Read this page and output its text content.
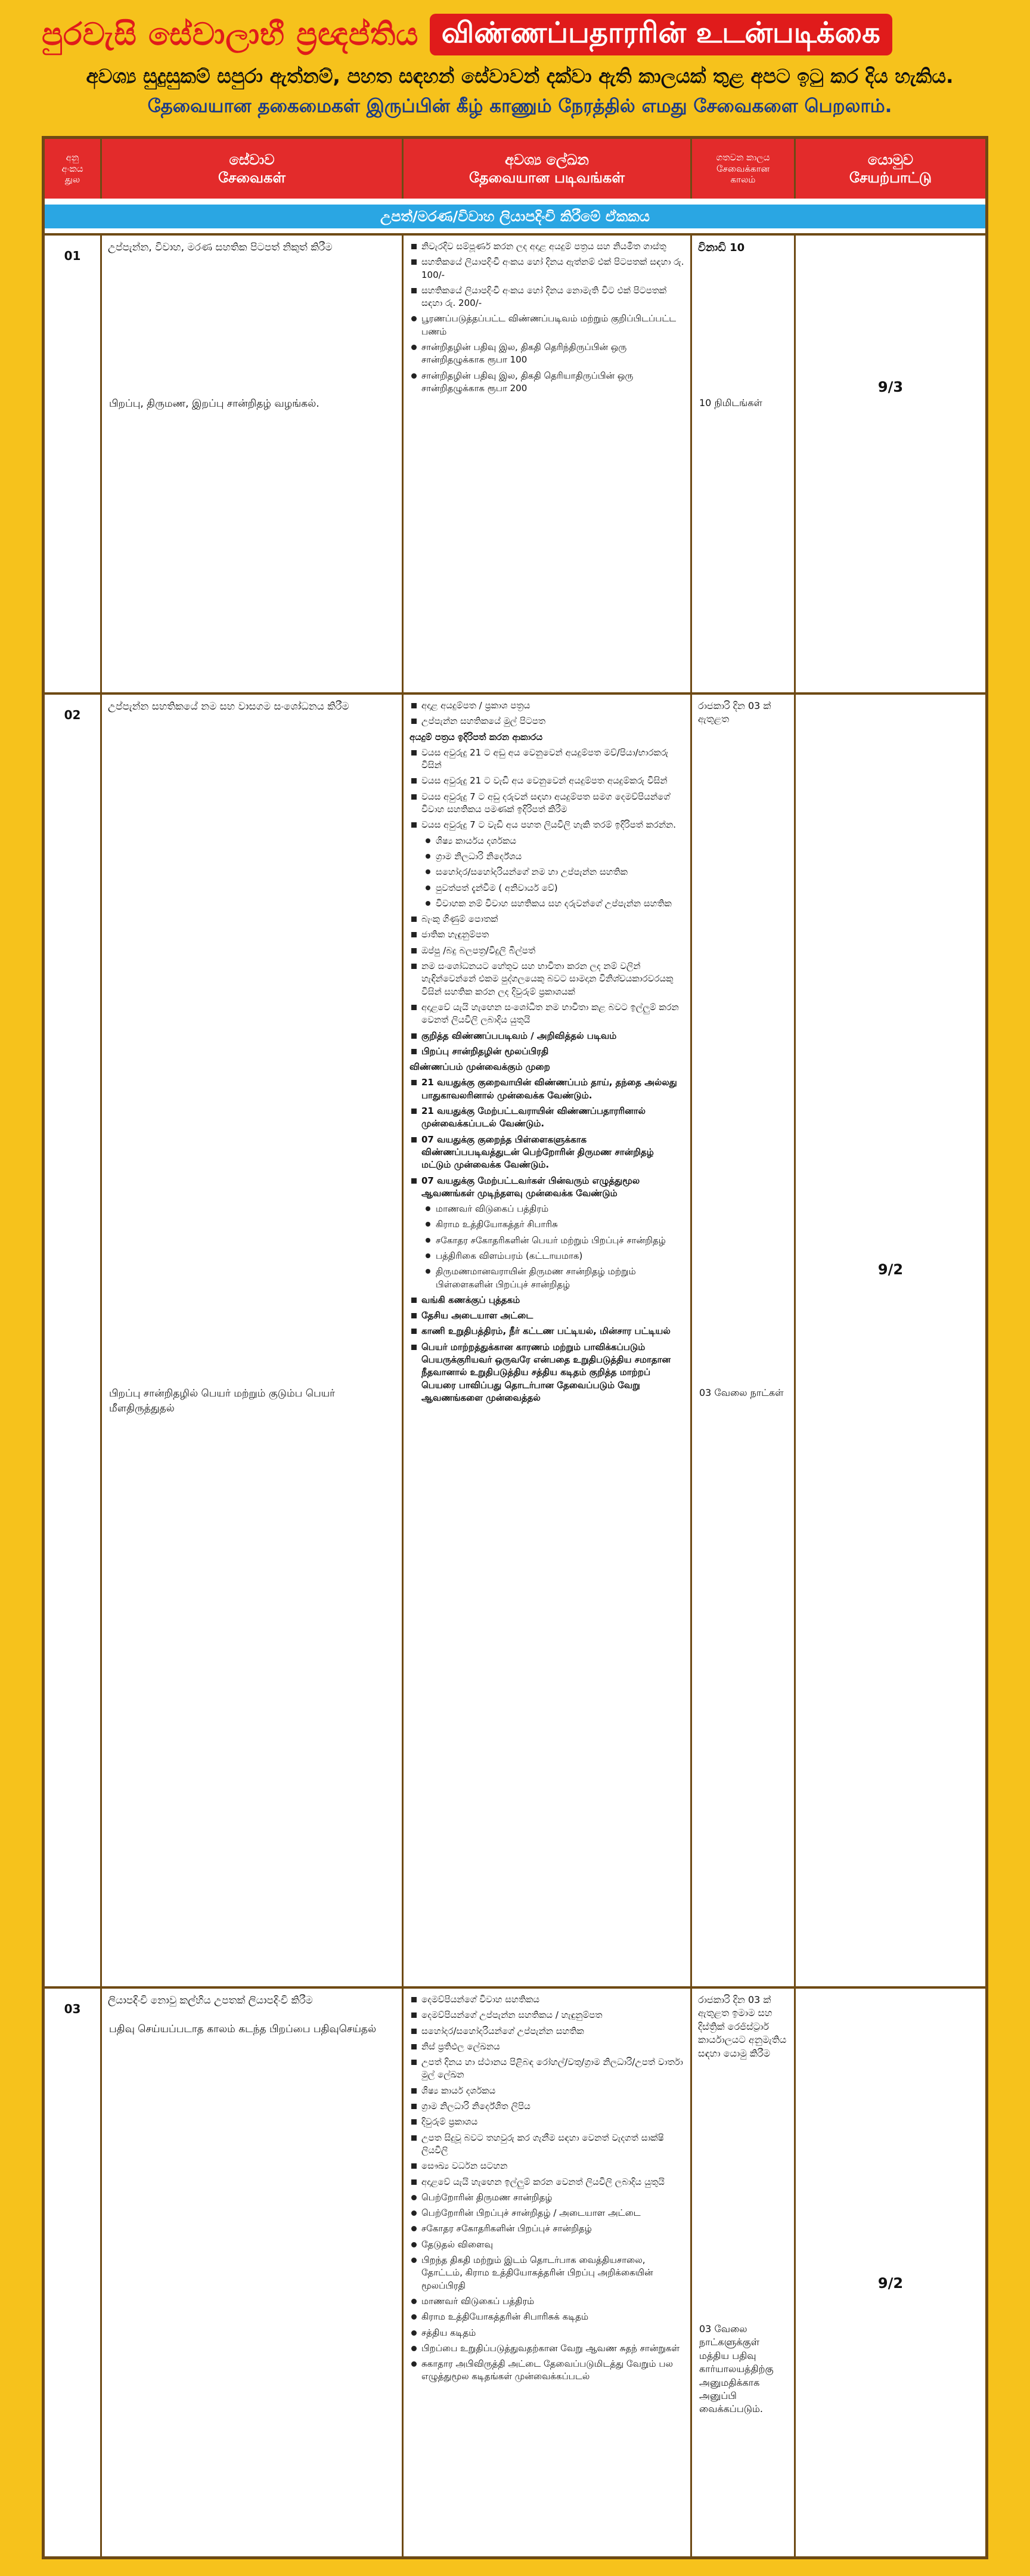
පුරවැසි සේවාලාභී ප්‍රඥප්තිය விண்ணப்பதாரரின் உடன்படிக்கை
අවශ්‍ය සුදුසුකම් සපුරා ඇත්නම්, පහත සඳහන් සේවාවන් දක්වා ඇති කාලයක් තුළ අපට ඉටු කර දිය හැකිය.
தேவையான தகைமைகள் இருப்பின் கீழ் காணும் நேரத்தில் எமது சேவைகளை பெறலாம்.
අනු
අංකය
துல
සේවාව
சேவைகள்
අවශ්‍ය ලේඛන
தேவையான படிவங்கள்
ගතවන කාලය
சேவைக்கான
காலம்
යොමුව
சேயற்பாட்டு
උපත්/මරණ/විවාහ ලියාපදිංචි කිරීමේ ඒකකය
01
උප්පැන්න, විවාහ, මරණ සහතික පිටපත් නිකුත් කිරීම
பிறப்பு, திருமண, இறப்பு சான்றிதழ் வழங்கல்.
නිවැරදිව සම්පූර්ණ කරන ලද අදාළ අයදුම් පත්‍රය සහ නියමිත ගාස්තු
සහතිකයේ ලියාපදිංචි අංකය හෝ දිනය ඇත්නම් එක් පිටපතක් සඳහා රු. 100/-
සහතිකයේ ලියාපදිංචි අංකය හෝ දිනය නොමැති විට එක් පිටපතක් සඳහා රු. 200/-
பூரணப்படுத்தப்பட்ட விண்ணப்படிவம் மற்றும் குறிப்பிடப்பட்ட பணம்
சான்றிதழின் பதிவு இல, திகதி தெரிந்திருப்பின் ஒரு சான்றிதழுக்காக ரூபா 100
சான்றிதழின் பதிவு இல, திகதி தெரியாதிருப்பின் ஒரு சான்றிதழுக்காக ரூபா 200
විනාඩි 10
10 நிமிடங்கள்
9/3
02
උප්පැන්න සහතිකයේ නම සහ වාසගම සංශෝධනය කිරීම
பிறப்பு சான்றிதழில் பெயர் மற்றும் குடும்ப பெயர் மீளதிருத்துதல்
අදාළ අයදුම්පත / ප්‍රකාශ පත්‍රය
උප්පැන්න සහතිකයේ මුල් පිටපත
අයදුම් පත්‍රය ඉදිරිපත් කරන ආකාරය
වයස අවුරුදු 21 ට අඩු අය වෙනුවෙන් අයදුම්පත මව්/පියා/භාරකරු විසින්
වයස අවුරුදු 21 ට වැඩි අය වෙනුවෙන් අයදුම්පත අයදුම්කරු විසින්
වයස අවුරුදු 7 ට අඩු දරුවන් සඳහා අයදුම්පත සමග දෙමව්පියන්ගේ විවාහ සහතිකය පමණක් ඉදිරිපත් කිරීම
වයස අවුරුදු 7 ට වැඩි අය පහත ලියවිලි හැකි තරම් ඉදිරිපත් කරන්න.
ශිෂ්‍ය කාර්යය දර්ශකය
ග්‍රාම නිලධාරි නිර්දේශය
සහෝදර/සහෝදරියන්ගේ නම හා උප්පැන්න සහතික
පුවත්පත් දැන්වීම ( අනිවාර්ය වේ)
විවාහක නම් විවාහ සහතිකය සහ දරුවන්ගේ උප්පැන්න සහතික
බැංකු ගිණුම් පොතක්
ජාතික හැඳුනුම්පත
ඔප්පු /බදු බලපත්‍ර/විදුලි බිල්පත්
නම සංශෝධනයට හේතුව සහ භාවිතා කරන ලද නම් වලින් හැඳින්වෙන්නේ එකම පුද්ගලයෙකු බවට සාමදාන විනිශ්චයකාරවරයකු විසින් සහතික කරන ලද දිවුරුම් ප්‍රකාශයක්
අදාළවේ යැයි හැඟෙන සංශෝධිත නම භාවිතා කළ බවට ඉල්ලුම් කරන වෙනත් ලියවිලි ලබාදිය යුතුයි
குறித்த விண்ணப்பபடிவம் / அறிவித்தல் படிவம்
பிறப்பு சான்றிதழின் மூலப்பிரதி
விண்ணப்பம் முன்வைக்கும் முறை
21 வயதுக்கு குறைவாயின் விண்ணப்பம் தாய், தந்தை அல்லது பாதுகாவலரினால் முன்வைக்க வேண்டும்.
21 வயதுக்கு மேற்பட்டவராயின் விண்ணப்பதாரரினால் முன்வைக்கப்படல் வேண்டும்.
07 வயதுக்கு குறைந்த பிள்ளைகளுக்காக விண்ணப்பபடிவத்துடன் பெற்றோரின் திருமண சான்றிதழ் மட்டும் முன்வைக்க வேண்டும்.
07 வயதுக்கு மேற்பட்டவர்கள் பின்வரும் எழுத்துமூல ஆவணங்கள் முடிந்தளவு முன்வைக்க வேண்டும்
மாணவர் விடுகைப் பத்திரம்
கிராம உத்தியோகத்தர் சிபாரிசு
சகோதர சகோதரிகளின் பெயர் மற்றும் பிறப்புச் சான்றிதழ்
பத்திரிகை விளம்பரம் (கட்டாயமாக)
திருமணமானவராயின் திருமண சான்றிதழ் மற்றும் பிள்ளைகளின் பிறப்புச் சான்றிதழ்
வங்கி கணக்குப் புத்தகம்
தேசிய அடையாள அட்டை
காணி உறுதிபத்திரம், நீர் கட்டண பட்டியல், மின்சார பட்டியல்
பெயர் மாற்றத்துக்கான காரணம் மற்றும் பாவிக்கப்படும் பெயருக்குரியவர் ஒருவரே என்பதை உறுதிபடுத்திய சமாதான நீதவானால் உறுதிபடுத்திய சத்திய கடிதம் குறித்த மாற்றப் பெயரை பாவிப்பது தொடர்பான தேவைப்படும் வேறு ஆவணங்களை முன்வைத்தல்
රාජකාරි දින 03 ක් ඇතුළත
03 வேலை நாட்கள்
9/2
03
ලියාපදිංචි නොවු කල්හිය උපතක් ලියාපදිංචි කිරීම
பதிவு செய்யப்படாத காலம் கடந்த பிறப்பை பதிவுசெய்தல்
දෙමව්පියන්ගේ විවාහ සහතිකය
දෙමව්පියන්ගේ උප්පැන්න සහතිකය / හැඳුනුම්පත
සහෝදර/සහෝදරියන්ගේ උප්පැන්න සහතික
නිස් ප්‍රතිඵල ලේඛනය
උපත් දිනය හා ස්ථානය පිළිබඳ රෝහල්/වතු/ග්‍රාම නිලධාරි/උපත් වාර්තා මුල් ලේඛන
ශිෂ්‍ය කාර්ය දර්ශකය
ග්‍රාම නිලධාරි නිර්දේශිත ලිපිය
දිවුරුම් ප්‍රකාශය
උපත සිදුවූ බවට තහවුරු කර ගැනීම සඳහා වෙනත් වැදගත් සාක්ෂි ලියවිලි
සෞඛ්‍ය වර්ධන සටහන
අදාළවේ යැයි හැඟෙන ඉල්ලුම් කරන වෙනත් ලියවිලි ලබාදිය යුතුයි
பெற்றோரின் திருமண சான்றிதழ்
பெற்றோரின் பிறப்புச் சான்றிதழ் / அடையாள அட்டை
சகோதர சகோதரிகளின் பிறப்புச் சான்றிதழ்
தேடுதல் விளைவு
பிறந்த திகதி மற்றும் இடம் தொடர்பாக வைத்தியசாலை, தோட்டம், கிராம உத்தியோகத்தரின் பிறப்பு அறிக்கையின் மூலப்பிரதி
மாணவர் விடுகைப் பத்திரம்
கிராம உத்தியோகத்தரின் சிபாரிசுக் கடிதம்
சத்திய கடிதம்
பிறப்பை உறுதிப்படுத்துவதற்கான வேறு ஆவண சுதந் சான்றுகள்
சுகாதார அபிவிருத்தி அட்டை தேவைப்படுமிடத்து வேறும் பல எழுத்துமூல கடிதங்கள் முன்வைக்கப்படல்
රාජකාරි දින 03 ක් ඇතුළත ඉමාම සහ දිස්ත්‍රික් රෙජිස්ට්‍රාර් කාර්යාලයට අනුමැතිය සඳහා යොමු කිරීම
03 வேலை நாட்களுக்குள் மத்திய பதிவு கார்யாலயத்திற்கு அனுமதிக்காக அனுப்பி வைக்கப்படும்.
9/2
